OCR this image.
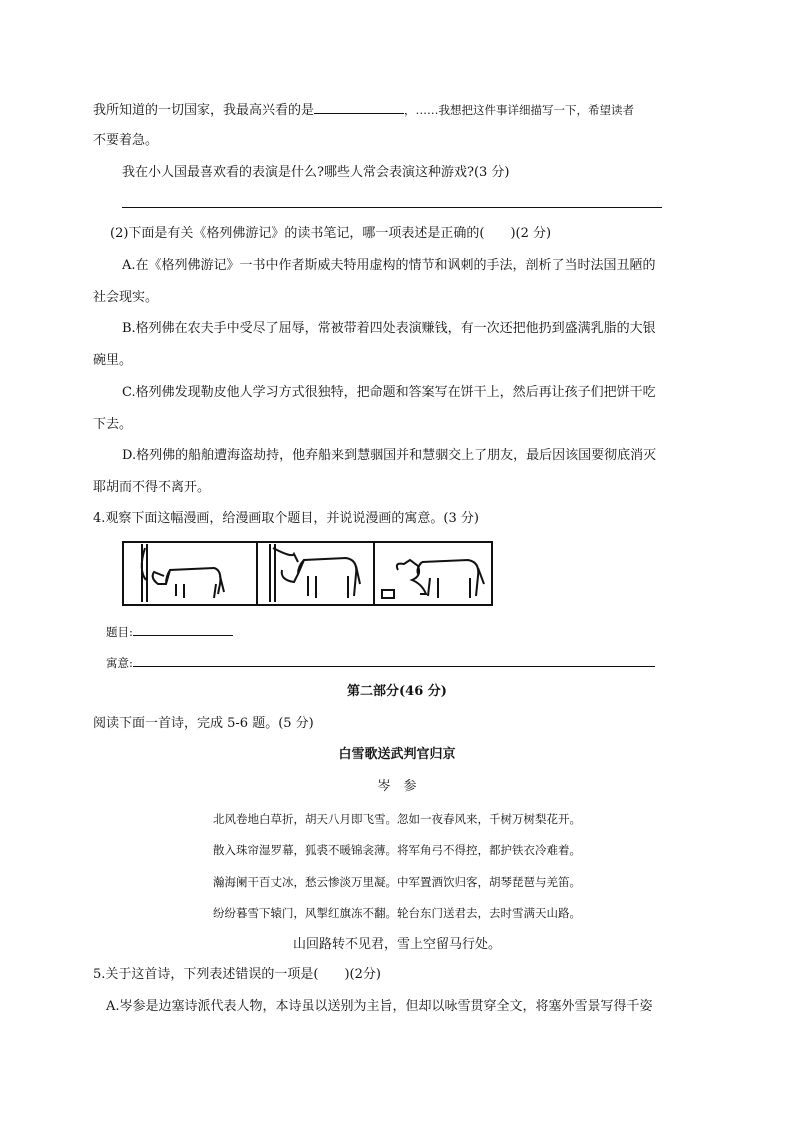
我所知道的一切国家，我最高兴看的是	，……我想把这件事详细描写一下，希望读者
不要着急。
我在小人国最喜欢看的表演是什么?哪些人常会表演这种游戏?(3 分)
(2)下面是有关《格列佛游记》的读书笔记，哪一项表述是正确的(　　)(2 分)
A.在《格列佛游记》一书中作者斯威夫特用虚构的情节和讽刺的手法，剖析了当时法国丑陋的
社会现实。
B.格列佛在农夫手中受尽了屈辱，常被带着四处表演赚钱，有一次还把他扔到盛满乳脂的大银
碗里。
C.格列佛发现勒皮他人学习方式很独特，把命题和答案写在饼干上，然后再让孩子们把饼干吃
下去。
D.格列佛的船舶遭海盗劫持，他弃船来到慧骃国并和慧骃交上了朋友，最后因该国要彻底消灭
耶胡而不得不离开。
4.观察下面这幅漫画，给漫画取个题目，并说说漫画的寓意。(3 分)
题目:
寓意:
第二部分(46 分)
阅读下面一首诗，完成 5-6 题。(5 分)
白雪歌送武判官归京
岑　参
北风卷地白草折，胡天八月即飞雪。忽如一夜春风来，千树万树梨花开。
散入珠帘湿罗幕，狐裘不暖锦衾薄。将军角弓不得控，都护铁衣冷难着。
瀚海阑干百丈冰，愁云惨淡万里凝。中军置酒饮归客，胡琴琵琶与羌笛。
纷纷暮雪下辕门，风掣红旗冻不翻。轮台东门送君去，去时雪满天山路。
山回路转不见君，雪上空留马行处。
5.关于这首诗，下列表述错误的一项是(　　)(2分)
A.岑参是边塞诗派代表人物，本诗虽以送别为主旨，但却以咏雪贯穿全文，将塞外雪景写得千姿
